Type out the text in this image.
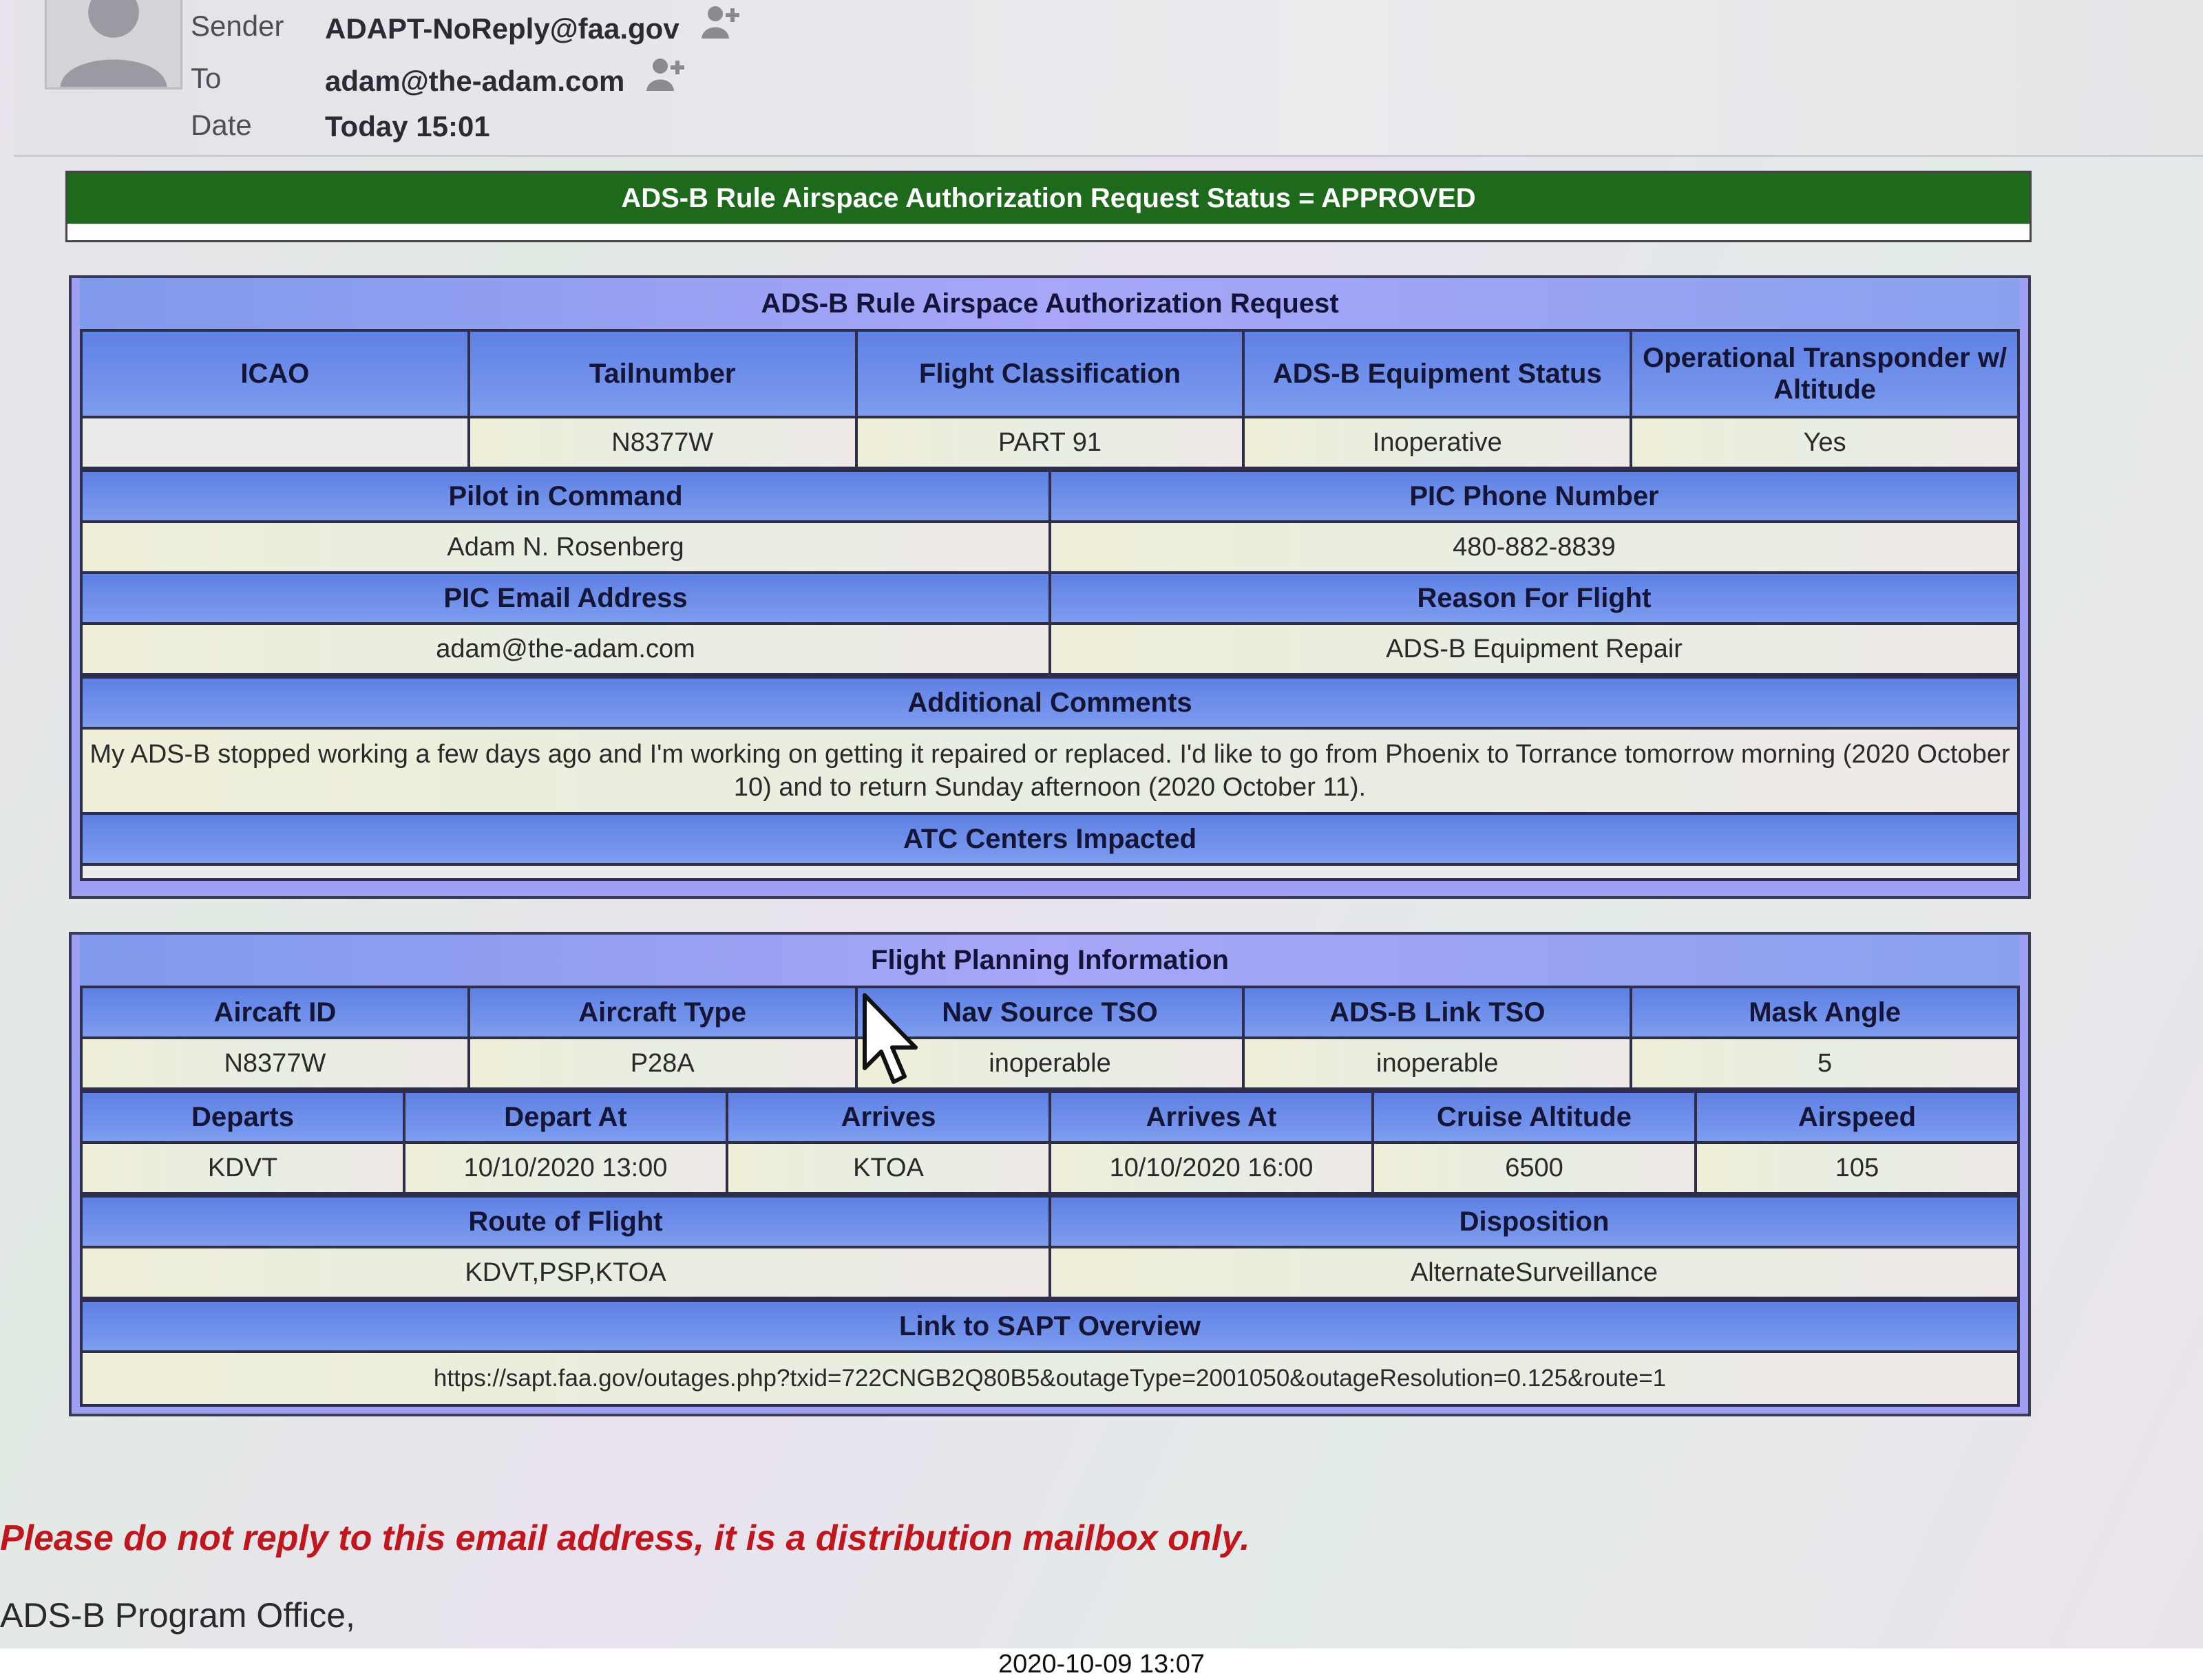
Sender ADAPT-NoReply@faa.gov
To	adam@the-adam.com
Date	Today 15:01
ADS-B Rule Airspace Authorization Request Status = APPROVED
ADS-B Rule Airspace Authorization Request
ICAO	Tailnumber	Flight Classification	ADS-B Equipment Status	Operational Transponder w/ Altitude
	N8377W	PART 91	Inoperative	Yes
Pilot in Command	PIC Phone Number
Adam N. Rosenberg	480-882-8839
PIC Email Address	Reason For Flight
adam@the-adam.com	ADS-B Equipment Repair
Additional Comments
My ADS-B stopped working a few days ago and I'm working on getting it repaired or replaced. I'd like to go from Phoenix to Torrance tomorrow morning (2020 October 10) and to return Sunday afternoon (2020 October 11).
ATC Centers Impacted

Flight Planning Information
Aircaft ID	Aircraft Type	Nav Source TSO	ADS-B Link TSO	Mask Angle
N8377W	P28A	inoperable	inoperable	5
Departs	Depart At	Arrives	Arrives At	Cruise Altitude	Airspeed
KDVT	10/10/2020 13:00	KTOA	10/10/2020 16:00	6500	105
Route of Flight	Disposition
KDVT,PSP,KTOA	AlternateSurveillance
Link to SAPT Overview
https://sapt.faa.gov/outages.php?txid=722CNGB2Q80B5&outageType=2001050&outageResolution=0.125&route=1
Please do not reply to this email address, it is a distribution mailbox only.
ADS-B Program Office,
2020-10-09 13:07
